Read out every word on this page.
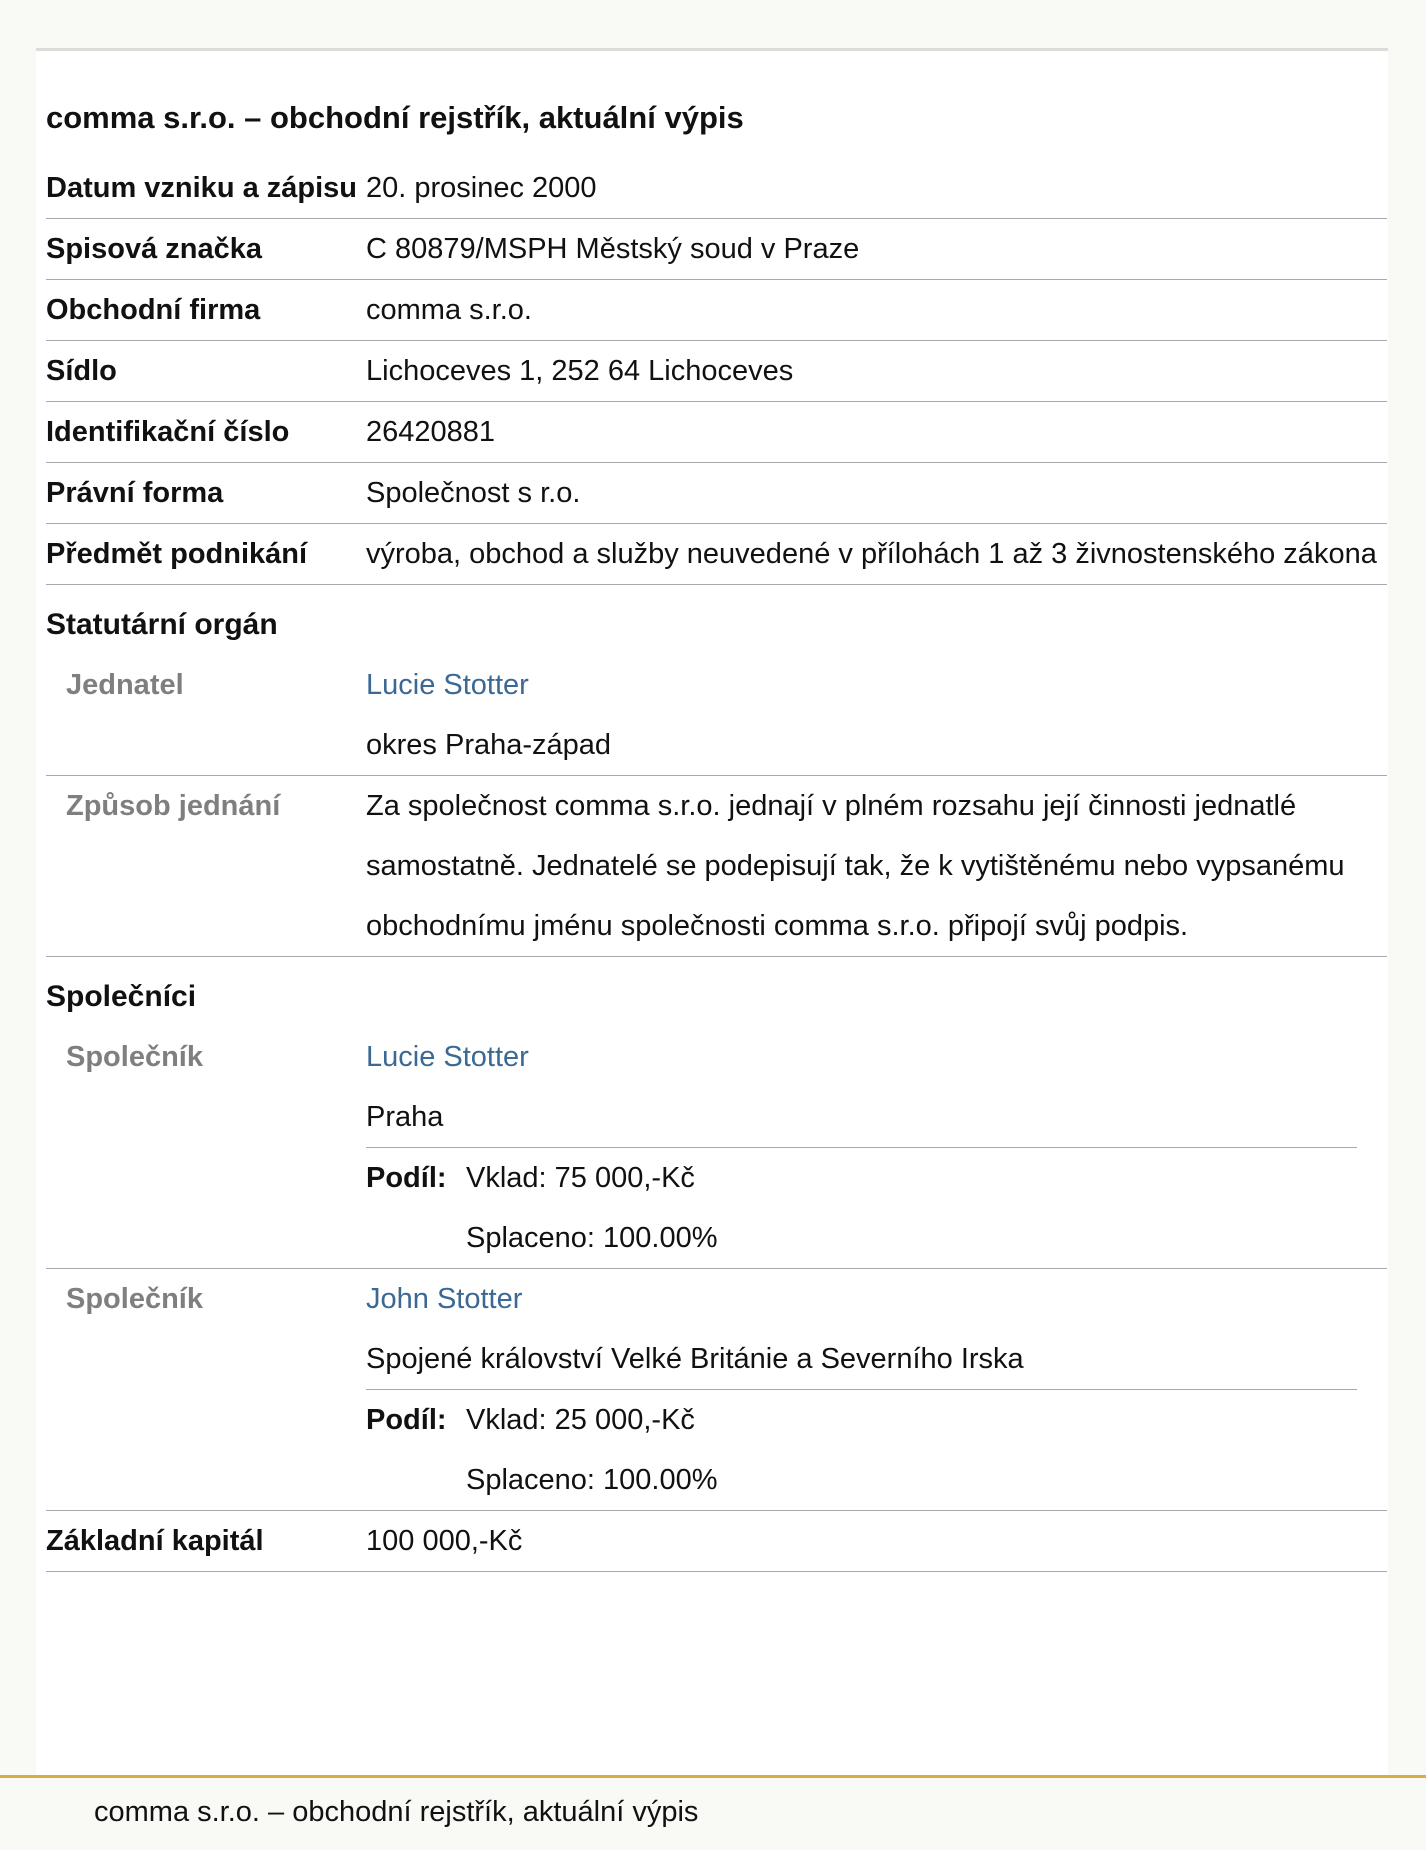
comma s.r.o. – obchodní rejstřík, aktuální výpis
Datum vzniku a zápisu	20. prosinec 2000
Spisová značka	C 80879/MSPH Městský soud v Praze
Obchodní firma	comma s.r.o.
Sídlo	Lichoceves 1, 252 64 Lichoceves
Identifikační číslo	26420881
Právní forma	Společnost s r.o.
Předmět podnikání	výroba, obchod a služby neuvedené v přílohách 1 až 3 živnostenského zákona
Statutární orgán	
Jednatel	Lucie Stotter
okres Praha-západ

Způsob jednání	Za společnost comma s.r.o. jednají v plném rozsahu její činnosti jednatlé samostatně. Jednatelé se podepisují tak, že k vytištěnému nebo vypsanému obchodnímu jménu společnosti comma s.r.o. připojí svůj podpis.
Společníci	
Společník	Lucie Stotter
Praha
Podíl: Vklad: 75 000,-Kč
Splaceno: 100.00%

Společník	John Stotter
Spojené království Velké Británie a Severního Irska
Podíl: Vklad: 25 000,-Kč
Splaceno: 100.00%

Základní kapitál	100 000,-Kč
comma s.r.o. – obchodní rejstřík, aktuální výpis
